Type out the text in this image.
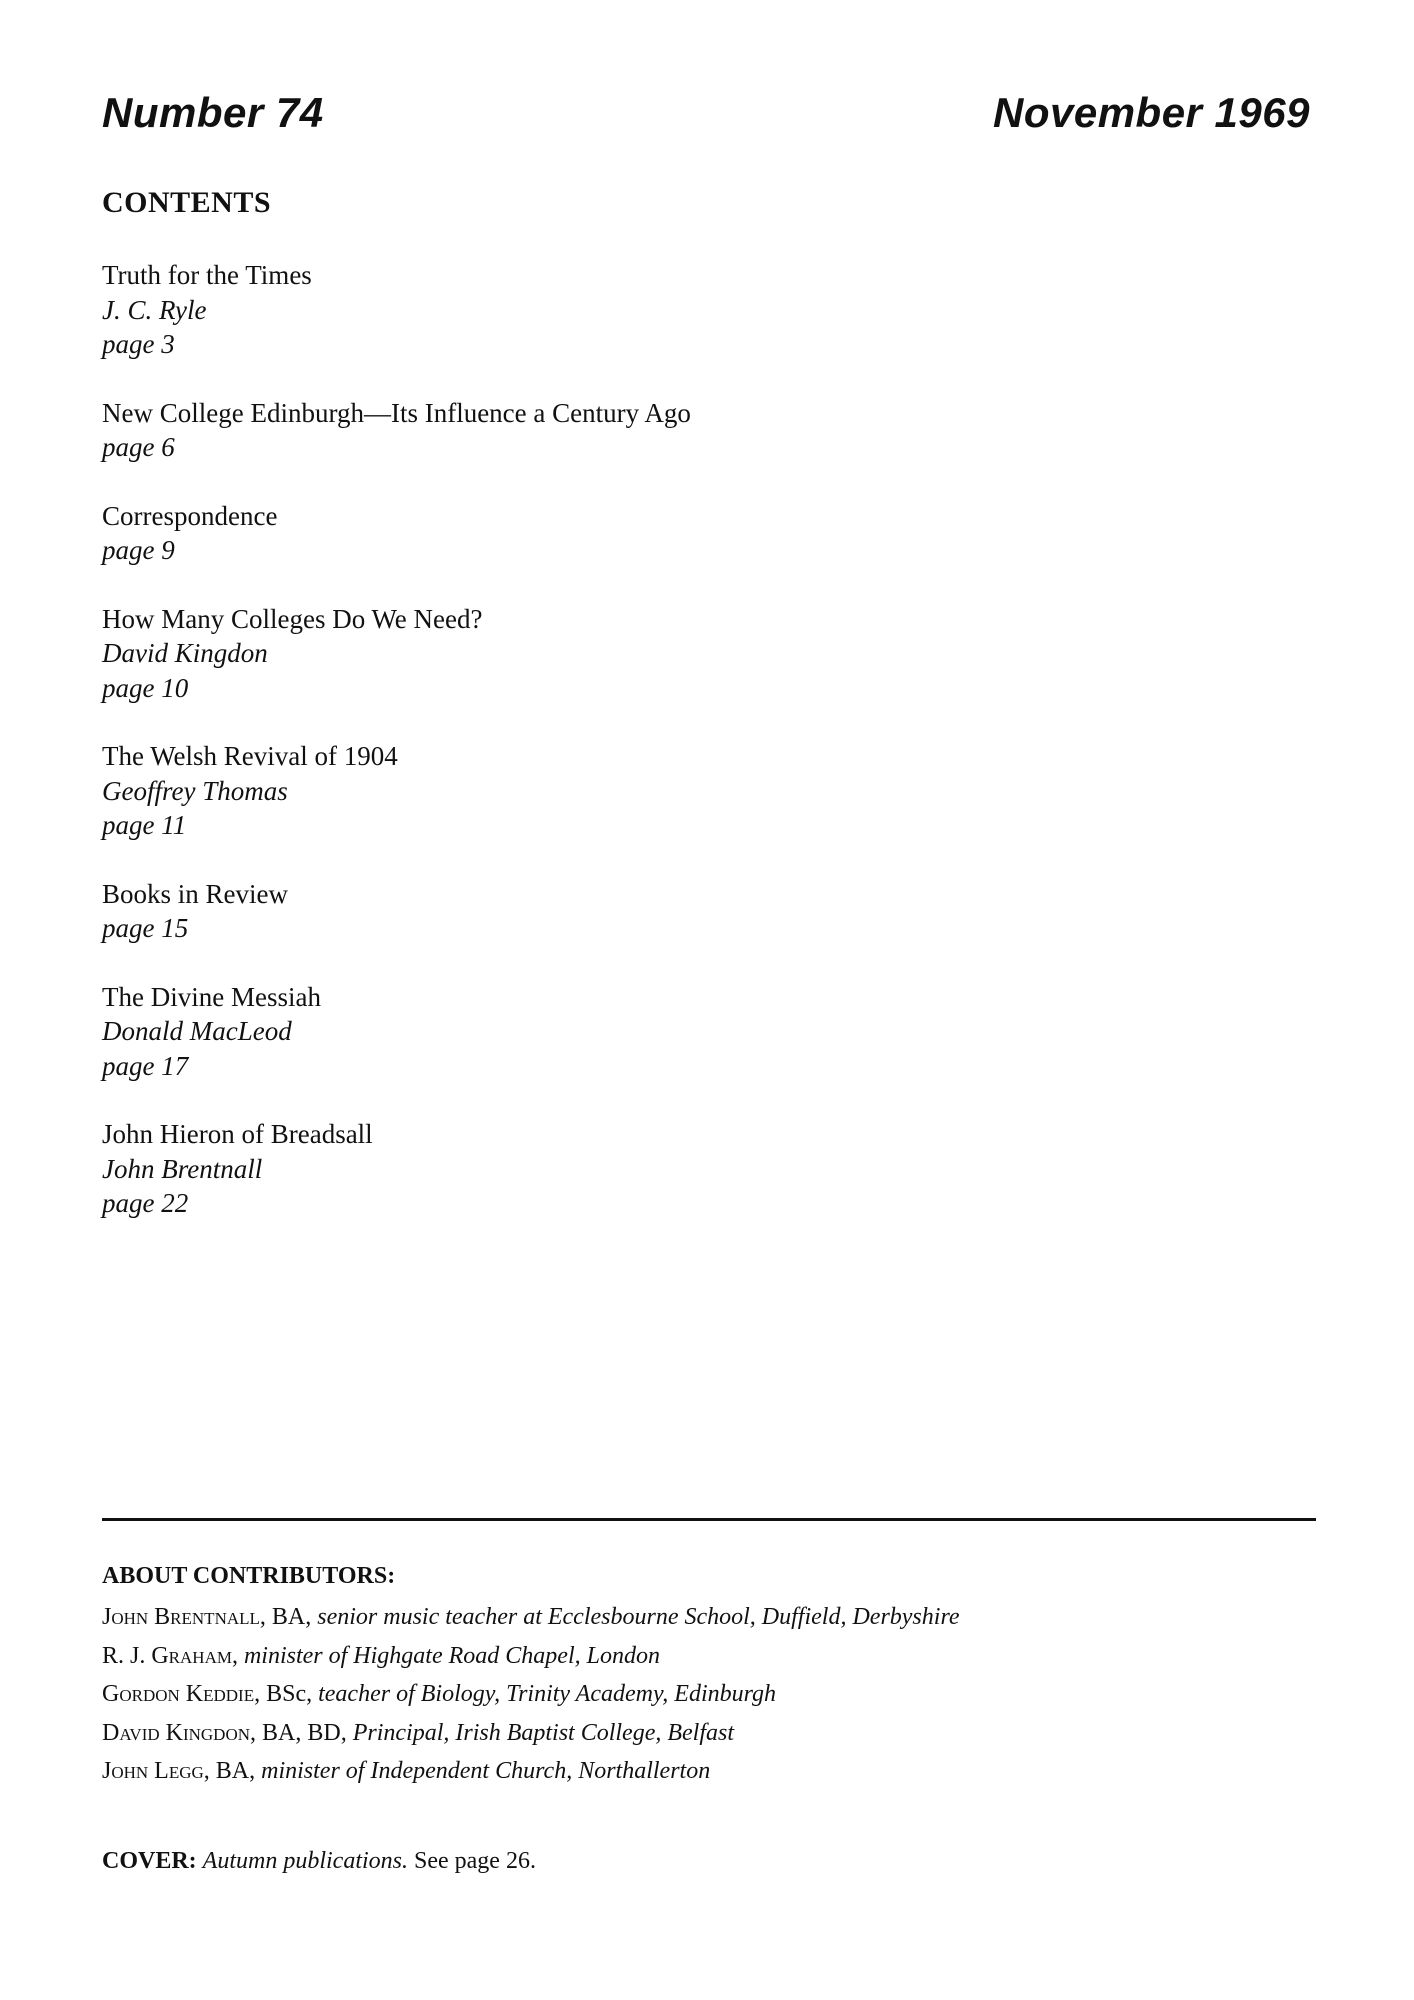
Number 74	November 1969
CONTENTS
Truth for the Times
J. C. Ryle
page 3
New College Edinburgh—Its Influence a Century Ago
page 6
Correspondence
page 9
How Many Colleges Do We Need?
David Kingdon
page 10
The Welsh Revival of 1904
Geoffrey Thomas
page 11
Books in Review
page 15
The Divine Messiah
Donald MacLeod
page 17
John Hieron of Breadsall
John Brentnall
page 22
ABOUT CONTRIBUTORS:
John Brentnall, BA, senior music teacher at Ecclesbourne School, Duffield, Derbyshire
R. J. Graham, minister of Highgate Road Chapel, London
Gordon Keddie, BSc, teacher of Biology, Trinity Academy, Edinburgh
David Kingdon, BA, BD, Principal, Irish Baptist College, Belfast
John Legg, BA, minister of Independent Church, Northallerton
COVER: Autumn publications. See page 26.
